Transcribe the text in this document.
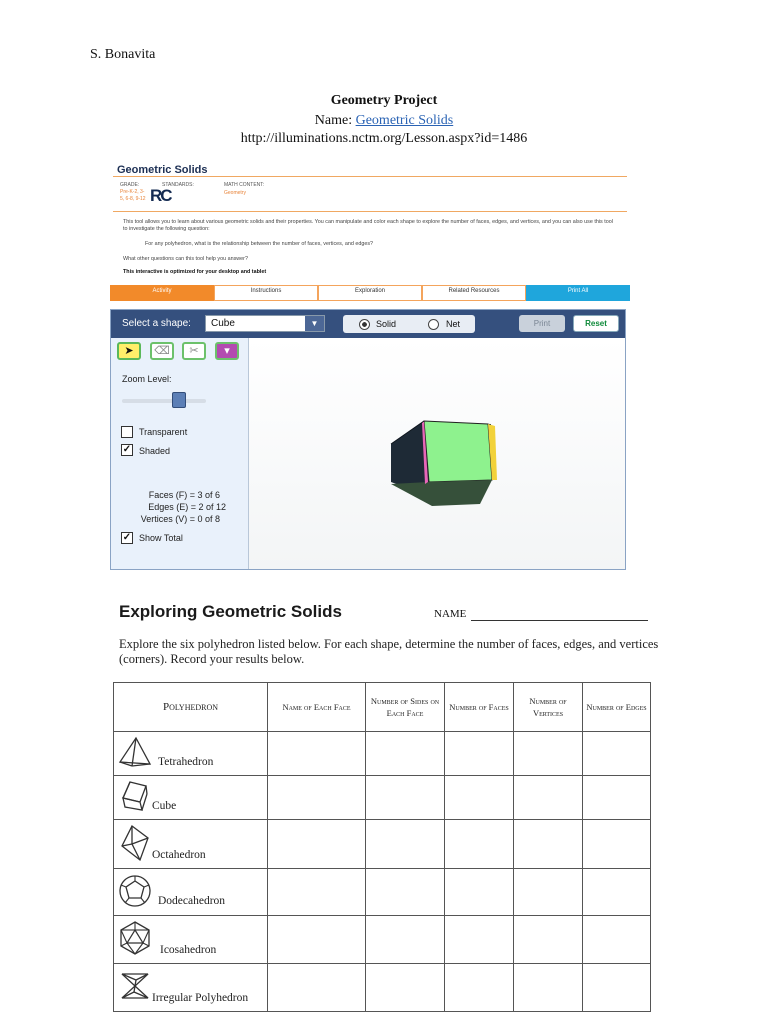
S. Bonavita
Geometry Project
Name: Geometric Solids
http://illuminations.nctm.org/Lesson.aspx?id=1486
Geometric Solids
GRADE:
Pre-K-2, 3-5, 6-8, 9-12
STANDARDS:
RC
MATH CONTENT:
Geometry
This tool allows you to learn about various geometric solids and their properties. You can manipulate and color each shape to explore the number of faces, edges, and vertices, and you can also use this tool to investigate the following question:
For any polyhedron, what is the relationship between the number of faces, vertices, and edges?
What other questions can this tool help you answer?
This interactive is optimized for your desktop and tablet
Activity	Instructions	Exploration	Related Resources	Print All
Select a shape:	Cube	▼	Solid	Net	Print	Reset
➤	⌫	✂	▾
Zoom Level:
Transparent
✓ Shaded
Faces (F) = 3 of 6
Edges (E) = 2 of 12
Vertices (V) = 0 of 8
✓ Show Total
Exploring Geometric Solids	NAME
Explore the six polyhedron listed below. For each shape, determine the number of faces, edges, and vertices (corners). Record your results below.
Polyhedron	Name of Each Face	Number of Sides on Each Face	Number of Faces	Number of Vertices	Number of Edges

Tetrahedron					

Cube					

Octahedron					

Dodecahedron					

Icosahedron					

Irregular Polyhedron					
